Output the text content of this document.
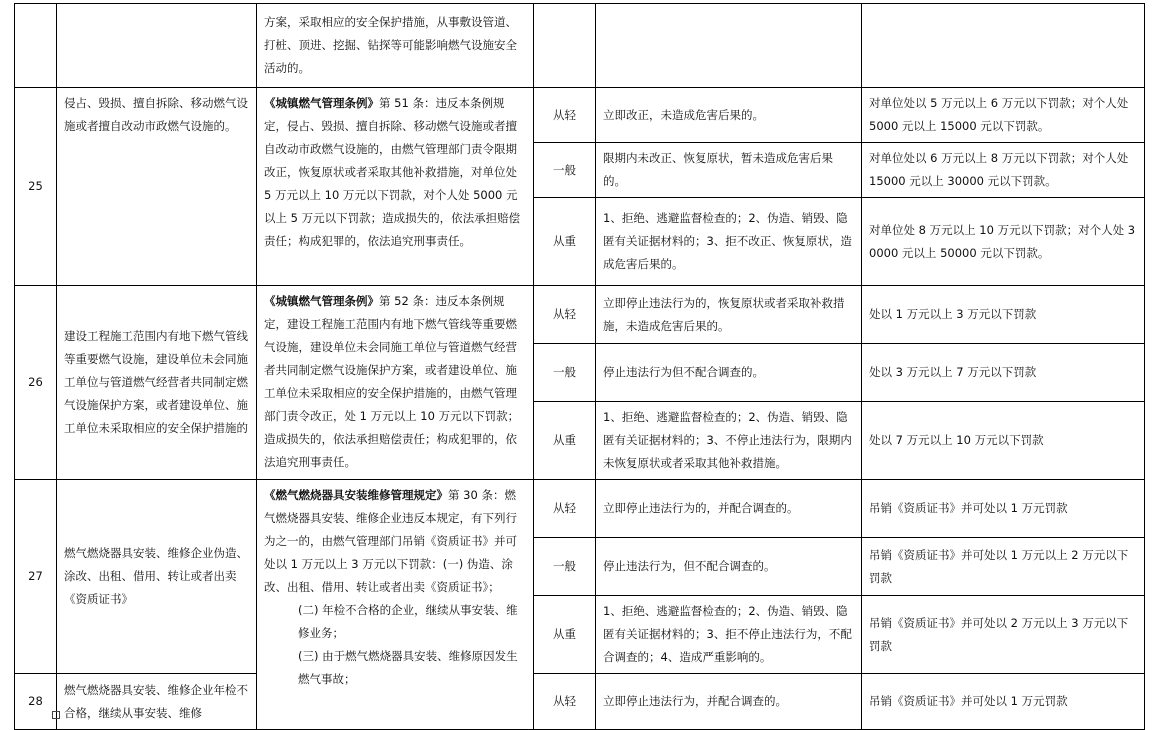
		方案，采取相应的安全保护措施，从事敷设管道、打桩、顶进、挖掘、钻探等可能影响燃气设施安全活动的。			
25	侵占、毁损、擅自拆除、移动燃气设施或者擅自改动市政燃气设施的。	《城镇燃气管理条例》第 51 条：违反本条例规定，侵占、毁损、擅自拆除、移动燃气设施或者擅自改动市政燃气设施的，由燃气管理部门责令限期改正，恢复原状或者采取其他补救措施，对单位处 5 万元以上 10 万元以下罚款，对个人处 5000 元以上 5 万元以下罚款；造成损失的，依法承担赔偿责任；构成犯罪的，依法追究刑事责任。	从轻	立即改正，未造成危害后果的。	对单位处以 5 万元以上 6 万元以下罚款；对个人处 5000 元以上 15000 元以下罚款。
			一般	限期内未改正、恢复原状，暂未造成危害后果的。	对单位处以 6 万元以上 8 万元以下罚款；对个人处 15000 元以上 30000 元以下罚款。
			从重	1、拒绝、逃避监督检查的；2、伪造、销毁、隐匿有关证据材料的；3、拒不改正、恢复原状，造成危害后果的。	对单位处 8 万元以上 10 万元以下罚款；对个人处 30000 元以上 50000 元以下罚款。
26	建设工程施工范围内有地下燃气管线等重要燃气设施，建设单位未会同施工单位与管道燃气经营者共同制定燃气设施保护方案，或者建设单位、施工单位未采取相应的安全保护措施的	《城镇燃气管理条例》第 52 条：违反本条例规定，建设工程施工范围内有地下燃气管线等重要燃气设施，建设单位未会同施工单位与管道燃气经营者共同制定燃气设施保护方案，或者建设单位、施工单位未采取相应的安全保护措施的，由燃气管理部门责令改正，处 1 万元以上 10 万元以下罚款；造成损失的，依法承担赔偿责任；构成犯罪的，依法追究刑事责任。	从轻	立即停止违法行为的，恢复原状或者采取补救措施，未造成危害后果的。	处以 1 万元以上 3 万元以下罚款
			一般	停止违法行为但不配合调查的。	处以 3 万元以上 7 万元以下罚款
			从重	1、拒绝、逃避监督检查的；2、伪造、销毁、隐匿有关证据材料的；3、不停止违法行为，限期内未恢复原状或者采取其他补救措施。	处以 7 万元以上 10 万元以下罚款
27	燃气燃烧器具安装、维修企业伪造、涂改、出租、借用、转让或者出卖《资质证书》	《燃气燃烧器具安装维修管理规定》第 30 条：燃气燃烧器具安装、维修企业违反本规定，有下列行为之一的，由燃气管理部门吊销《资质证书》并可处以 1 万元以上 3 万元以下罚款：(一) 伪造、涂改、出租、借用、转让或者出卖《资质证书》；
(二) 年检不合格的企业，继续从事安装、维修业务；
(三) 由于燃气燃烧器具安装、维修原因发生燃气事故；	从轻	立即停止违法行为的，并配合调查的。	吊销《资质证书》并可处以 1 万元罚款
			一般	停止违法行为，但不配合调查的。	吊销《资质证书》并可处以 1 万元以上 2 万元以下罚款
			从重	1、拒绝、逃避监督检查的；2、伪造、销毁、隐匿有关证据材料的；3、拒不停止违法行为，不配合调查的；4、造成严重影响的。	吊销《资质证书》并可处以 2 万元以上 3 万元以下罚款
28	燃气燃烧器具安装、维修企业年检不合格，继续从事安装、维修		从轻	立即停止违法行为，并配合调查的。	吊销《资质证书》并可处以 1 万元罚款
